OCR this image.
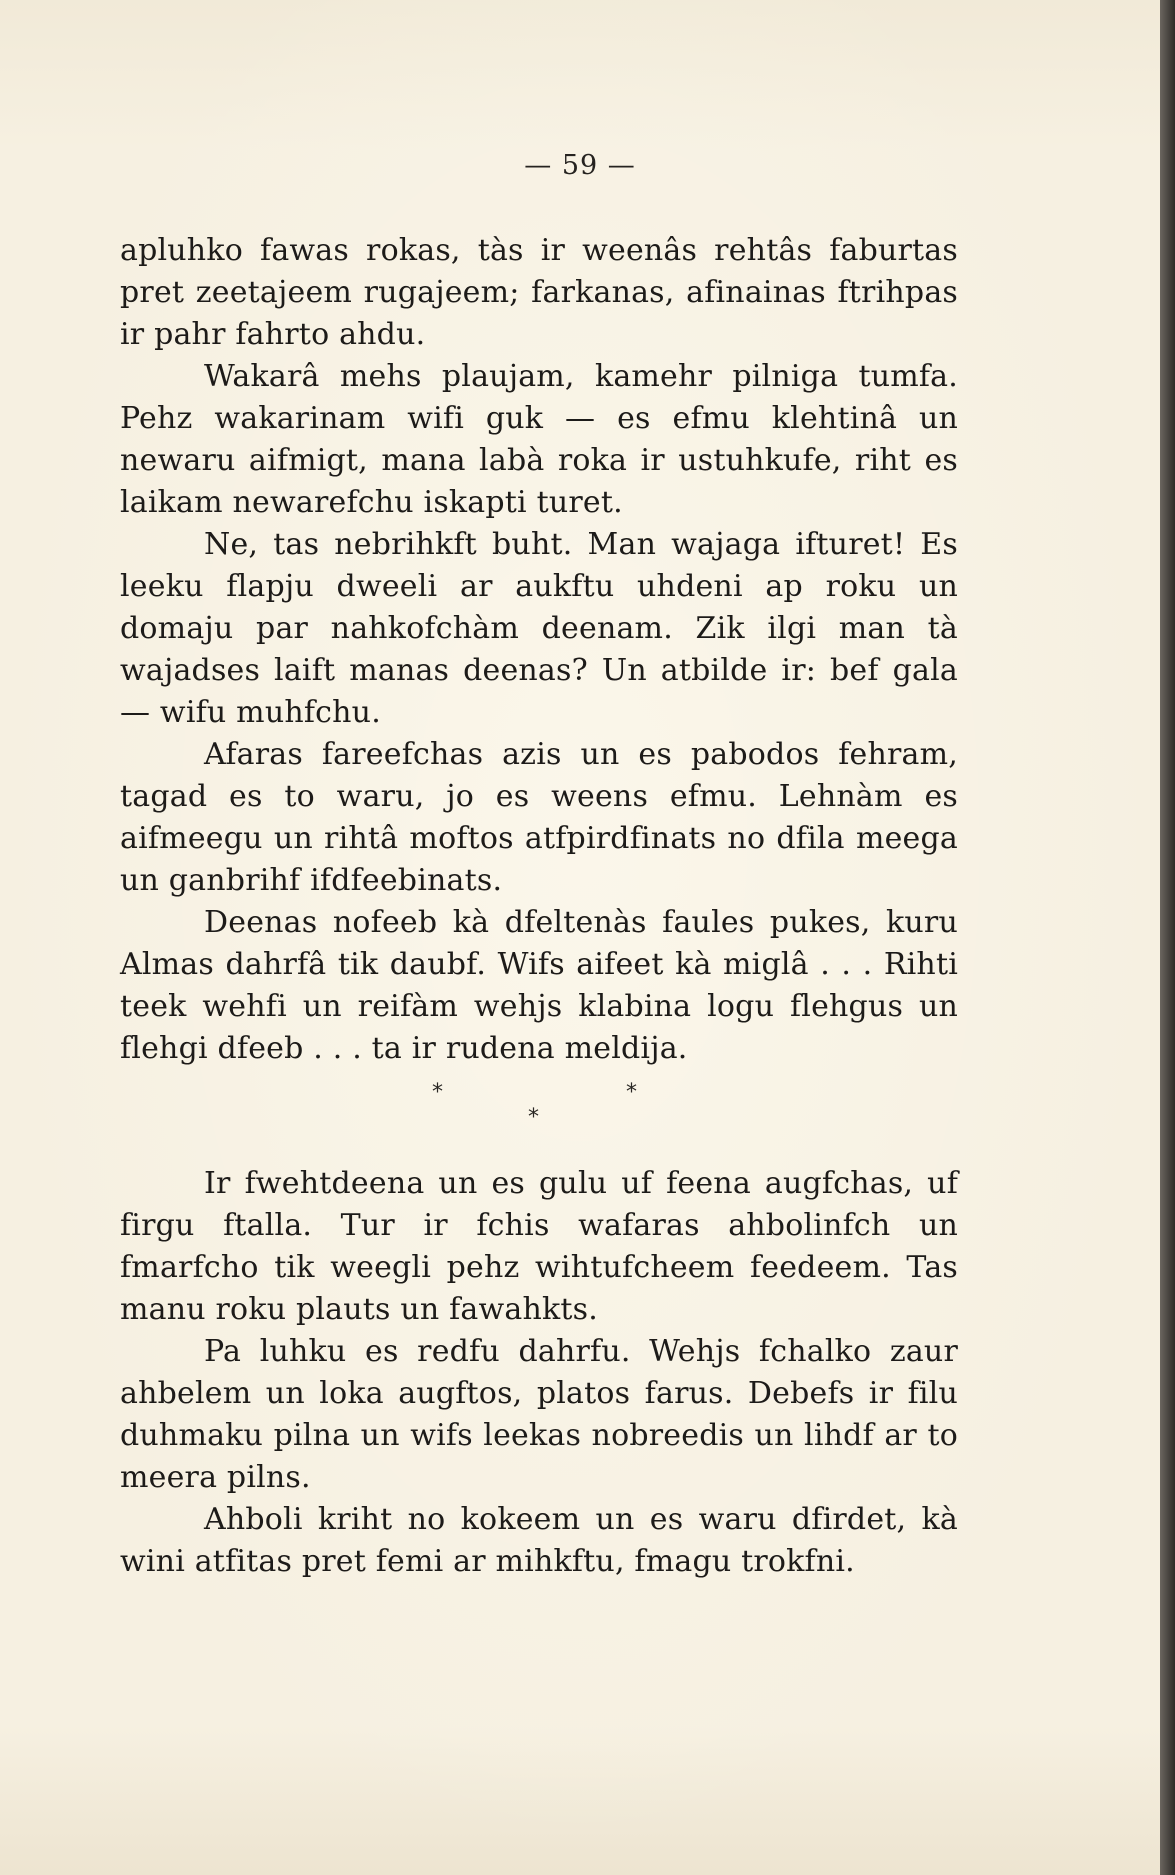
— 59 —

apluhko fawas rokas, tàs ir weenâs rehtâs faburtas pret zeetajeem rugajeem; farkanas, afinainas ftrihpas ir pahr fahrto ahdu.

Wakarâ mehs plaujam, kamehr pilniga tumfa. Pehz wakarinam wifi guk — es efmu klehtinâ un newaru aifmigt, mana labà roka ir ustuhkufe, riht es laikam newarefchu iskapti turet.

Ne, tas nebrihkft buht. Man wajaga ifturet! Es leeku flapju dweeli ar aukftu uhdeni ap roku un domaju par nahkofchàm deenam. Zik ilgi man tà wajadses laift manas deenas? Un atbilde ir: bef gala — wifu muhfchu.

Afaras fareefchas azis un es pabodos fehram, tagad es to waru, jo es weens efmu. Lehnàm es aifmeegu un rihtâ moftos atfpirdfinats no dfila meega un ganbrihf ifdfeebinats.

Deenas nofeeb kà dfeltenàs faules pukes, kuru Almas dahrfâ tik daubf. Wifs aifeet kà miglâ . . . Rihti teek wehfi un reifàm wehjs klabina logu flehgus un flehgi dfeeb . . . ta ir rudena meldija.

*	*
*

Ir fwehtdeena un es gulu uf feena augfchas, uf firgu ftalla. Tur ir fchis wafaras ahbolinfch un fmarfcho tik weegli pehz wihtufcheem feedeem. Tas manu roku plauts un fawahkts.

Pa luhku es redfu dahrfu. Wehjs fchalko zaur ahbelem un loka augftos, platos farus. Debefs ir filu duhmaku pilna un wifs leekas nobreedis un lihdf ar to meera pilns.

Ahboli kriht no kokeem un es waru dfirdet, kà wini atfitas pret femi ar mihkftu, fmagu trokfni.
